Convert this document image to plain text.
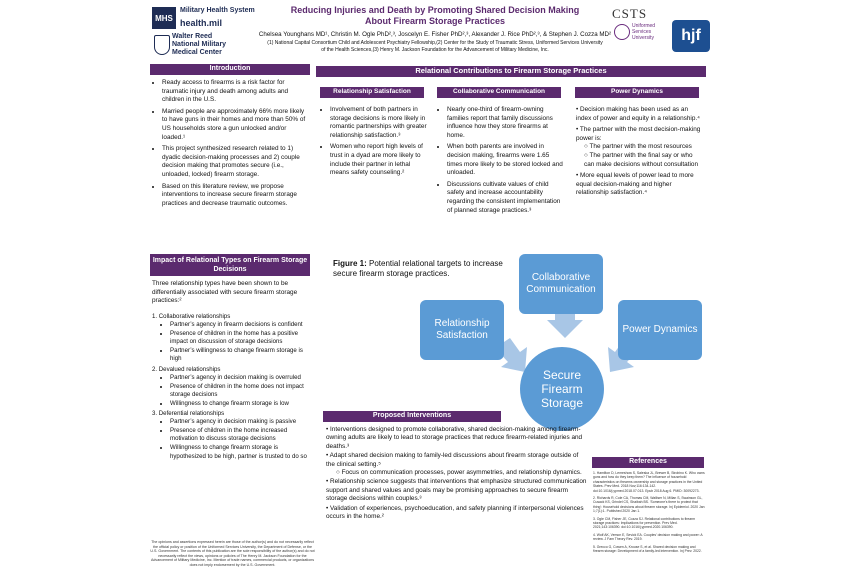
MHS
Military Health System
health.mil
Walter Reed
National Military
Medical Center
Reducing Injuries and Death by Promoting Shared Decision Making
About Firearm Storage Practices
Chelsea Younghans MD¹, Christin M. Ogle PhD²,³, Joscelyn E. Fisher PhD²,³, Alexander J. Rice PhD²,³, & Stephen J. Cozza MD²
(1) National Capital Consortium Child and Adolescent Psychiatry Fellowship,(2) Center for the Study of Traumatic Stress, Uniformed Services University
of the Health Sciences,(3) Henry M. Jackson Foundation for the Advancement of Military Medicine, Inc.
CSTS
Uniformed
Services
University hjf
Introduction
• Ready access to firearms is a risk factor for traumatic injury and death among adults and children in the U.S.
• Married people are approximately 66% more likely to have guns in their homes and more than 50% of US households store a gun unlocked and/or loaded.¹
• This project synthesized research related to 1) dyadic decision-making processes and 2) couple decision making that promotes secure (i.e., unloaded, locked) firearm storage.
• Based on this literature review, we propose interventions to increase secure firearm storage practices and decrease traumatic outcomes.
Impact of Relational Types on Firearm Storage Decisions
Three relationship types have been shown to be differentially associated with secure firearm storage practices:²
1. Collaborative relationships
• Partner’s agency in firearm decisions is confident
• Presence of children in the home has a positive impact on discussion of storage decisions
• Partner’s willingness to change firearm storage is high
2. Devalued relationships
• Partner’s agency in decision making is overruled
• Presence of children in the home does not impact storage decisions
• Willingness to change firearm storage is low
3. Deferential relationships
• Partner’s agency in decision making is passive
• Presence of children in the home increased motivation to discuss storage decisions
• Willingness to change firearm storage is hypothesized to be high, partner is trusted to do so
The opinions and assertions expressed herein are those of the author(s) and do not necessarily reflect the official policy or position of the Uniformed Services University, the Department of Defense, or the U.S. Government. The contents of this publication are the sole responsibility of the author(s) and do not necessarily reflect the views, opinions or policies of The Henry M. Jackson Foundation for the Advancement of Military Medicine, Inc. Mention of trade names, commercial products, or organizations does not imply endorsement by the U.S. Government.
Relational Contributions to Firearm Storage Practices
Relationship Satisfaction
• Involvement of both partners in storage decisions is more likely in romantic partnerships with greater relationship satisfaction.³
• Women who report high levels of trust in a dyad are more likely to include their partner in lethal means safety counseling.²
Collaborative Communication
• Nearly one-third of firearm-owning families report that family discussions influence how they store firearms at home.
• When both parents are involved in decision making, firearms were 1.65 times more likely to be stored locked and unloaded.
• Discussions cultivate values of child safety and increase accountability regarding the consistent implementation of planned storage practices.³
Power Dynamics
• Decision making has been used as an index of power and equity in a relationship.⁴
• The partner with the most decision-making power is:
○ The partner with the most resources
○ The partner with the final say or who can make decisions without consultation
• More equal levels of power lead to more equal decision-making and higher relationship satisfaction.⁴
Figure 1: Potential relational targets to increase secure firearm storage practices.	Collaborative Communication
Relationship Satisfaction
Power Dynamics
Secure Firearm Storage
Proposed Interventions
• Interventions designed to promote collaborative, shared decision-making among firearm-owning adults are likely to lead to storage practices that reduce firearm-related injuries and deaths.³
• Adapt shared decision making to family-led discussions about firearm storage outside of the clinical setting.⁵
○ Focus on communication processes, power asymmetries, and relationship dynamics.
• Relationship science suggests that interventions that emphasize structured communication support and shared values and goals may be promising approaches to secure firearm storage decisions within couples.³
• Validation of experiences, psychoeducation, and safety planning if interpersonal violences occurs in the home.²
References
1. Hamilton D, Lemeshow S, Saleska JL, Brewer B, Strobino K. Who owns guns and how do they keep them? The influence of household characteristics on firearms ownership and storage practices in the United States. Prev Med. 2018 Nov;116:134-142. doi:10.1016/j.ypmed.2018.07.013. Epub 2018 Aug 6. PMID: 30092273.
2. Richards R, Cole CA, Thomas CM, Walliser N, Millan S, Swainson GL, Cusack KS, Grindel CS, Shaibah BS. 'Someone's there to protect that thing': Household decisions about firearm storage. Inj Epidemiol. 2020 Jan 1;7(1):1. Published 2020 Jan 1.
3. Ogle CM, Fisher JE, Cozza SJ. Relational contributions to firearm storage practices: Implications for prevention. Prev Med. 2021;143:106390. doi:10.1016/j.ypmed.2020.106390.
4. Wolf AK, Vemon E, Sevick EA. Couples’ decision making and power: A review. J Fam Theory Rev. 2019.
5. Grecco G, Cowen A, Krouse S, et al. Shared decision making and firearm storage: Development of a family-led intervention. Inj Prev. 2022.
